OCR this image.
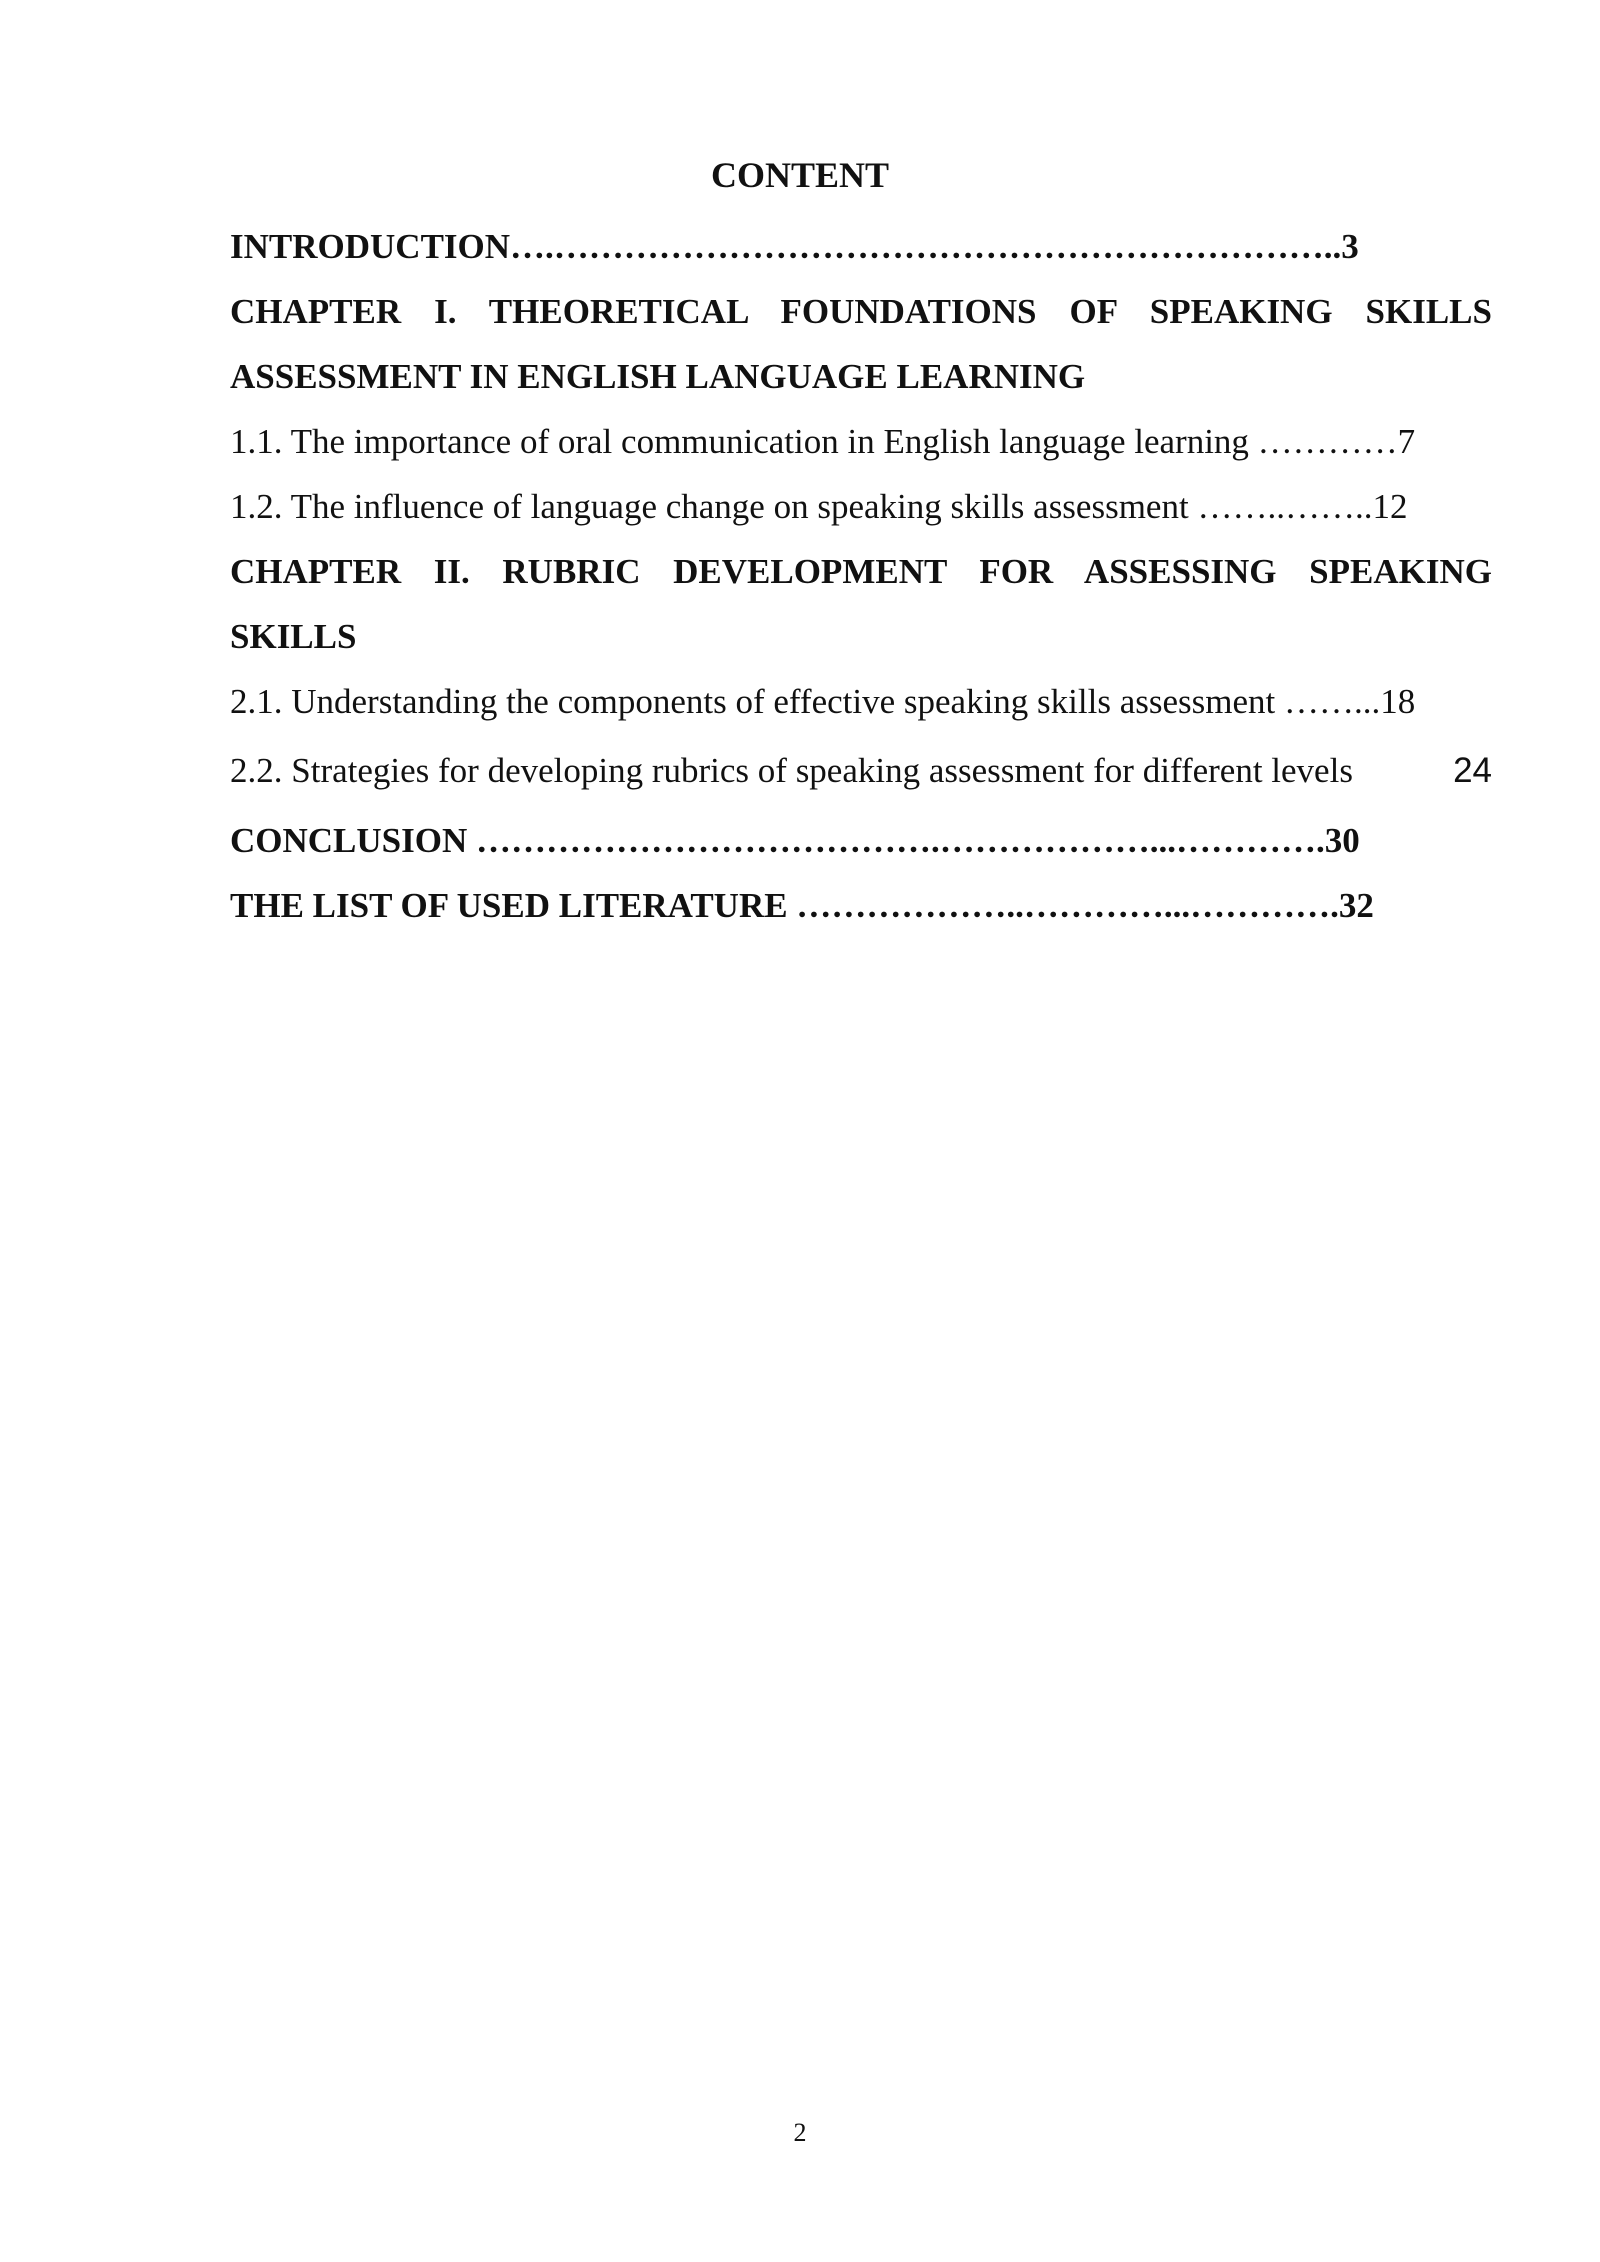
CONTENT
INTRODUCTION….…………………………………………………………..3
CHAPTER I. THEORETICAL FOUNDATIONS OF SPEAKING SKILLS
ASSESSMENT IN ENGLISH LANGUAGE LEARNING
1.1. The importance of oral communication in English language learning …………7
1.2. The influence of language change on speaking skills assessment ……..……..12
CHAPTER II. RUBRIC DEVELOPMENT FOR ASSESSING SPEAKING
SKILLS
2.1. Understanding the components of effective speaking skills assessment ……...18
2.2. Strategies for developing rubrics of speaking assessment for different levels	24
CONCLUSION ………………………………….………………...………….30
THE LIST OF USED LITERATURE ………………..…………...………….32
2
